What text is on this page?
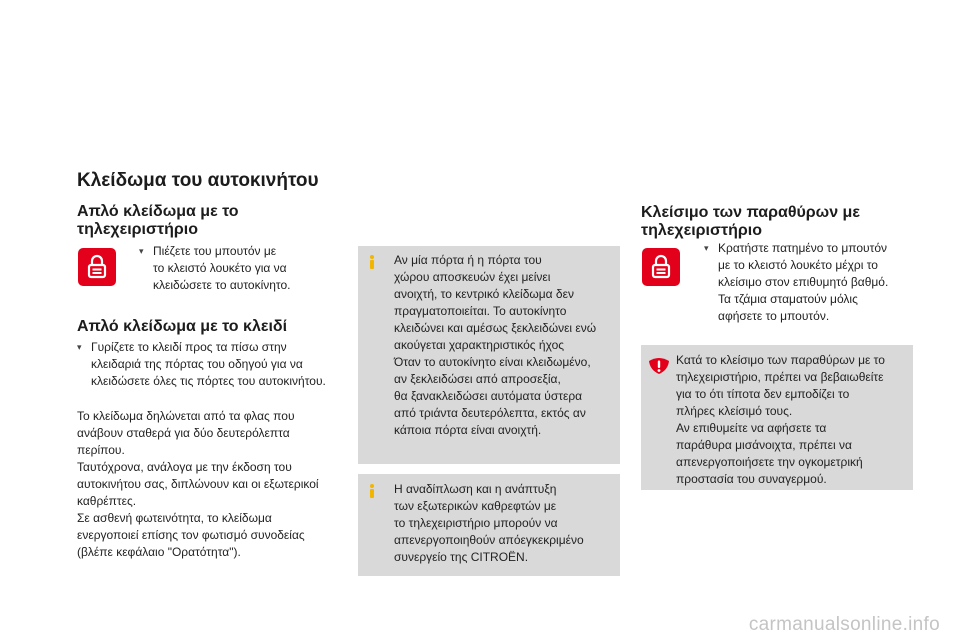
Κλείδωμα του αυτοκινήτου
Απλό κλείδωμα με το
τηλεχειριστήριο
▾ Πιέζετε του μπουτόν με

το κλειστό λουκέτο για να

κλειδώσετε το αυτοκίνητο.

Απλό κλείδωμα με το κλειδί
▾ Γυρίζετε το κλειδί προς τα πίσω στην

κλειδαριά της πόρτας του οδηγού για να

κλειδώσετε όλες τις πόρτες του αυτοκινήτου.

Το κλείδωμα δηλώνεται από τα φλας που

ανάβουν σταθερά για δύο δευτερόλεπτα

περίπου.

Ταυτόχρονα, ανάλογα με την έκδοση του

αυτοκινήτου σας, διπλώνουν και οι εξωτερικοί

καθρέπτες.

Σε ασθενή φωτεινότητα, το κλείδωμα

ενεργοποιεί επίσης τον φωτισμό συνοδείας

(βλέπε κεφάλαιο "Ορατότητα").

Αν μία πόρτα ή η πόρτα του

χώρου αποσκευών έχει μείνει

ανοιχτή, το κεντρικό κλείδωμα δεν

πραγματοποιείται. Το αυτοκίνητο

κλειδώνει και αμέσως ξεκλειδώνει ενώ

ακούγεται χαρακτηριστικός ήχος

Όταν το αυτοκίνητο είναι κλειδωμένο,

αν ξεκλειδώσει από απροσεξία,

θα ξανακλειδώσει αυτόματα ύστερα

από τριάντα δευτερόλεπτα, εκτός αν

κάποια πόρτα είναι ανοιχτή.

Η αναδίπλωση και η ανάπτυξη

των εξωτερικών καθρεφτών με

το τηλεχειριστήριο μπορούν να

απενεργοποιηθούν απόεγκεκριμένο

συνεργείο της CITROËN.

Κλείσιμο των παραθύρων με
τηλεχειριστήριο
▾ Κρατήστε πατημένο το μπουτόν

με το κλειστό λουκέτο μέχρι το

κλείσιμο στον επιθυμητό βαθμό.

Τα τζάμια σταματούν μόλις

αφήσετε το μπουτόν.

Κατά το κλείσιμο των παραθύρων με το

τηλεχειριστήριο, πρέπει να βεβαιωθείτε

για το ότι τίποτα δεν εμποδίζει το

πλήρες κλείσιμό τους.

Αν επιθυμείτε να αφήσετε τα

παράθυρα μισάνοιχτα, πρέπει να

απενεργοποιήσετε την ογκομετρική

προστασία του συναγερμού.

carmanualsonline.info
